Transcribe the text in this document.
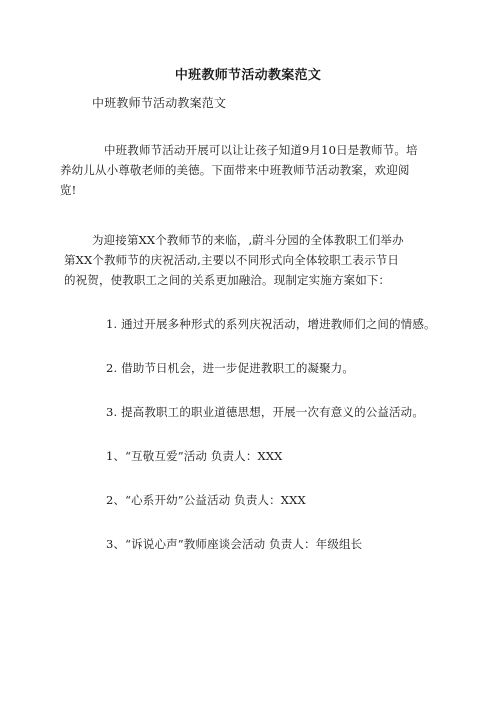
中班教师节活动教案范文
中班教师节活动教案范文
中班教师节活动开展可以让让孩子知道9月10日是教师节。培
养幼儿从小尊敬老师的美德。下面带来中班教师节活动教案，欢迎阅
览!
为迎接第XX个教师节的来临，,蔚斗分园的全体教职工们举办
第XX个教师节的庆祝活动,主要以不同形式向全体较职工表示节日
的祝贺，使教职工之间的关系更加融洽。现制定实施方案如下：
1. 通过开展多种形式的系列庆祝活动，增进教师们之间的情感。
2. 借助节日机会，进一步促进教职工的凝聚力。
3. 提高教职工的职业道德思想，开展一次有意义的公益活动。
1、“互敬互爱”活动 负责人：XXX
2、“心系开幼”公益活动 负责人：XXX
3、“诉说心声”教师座谈会活动 负责人：年级组长
